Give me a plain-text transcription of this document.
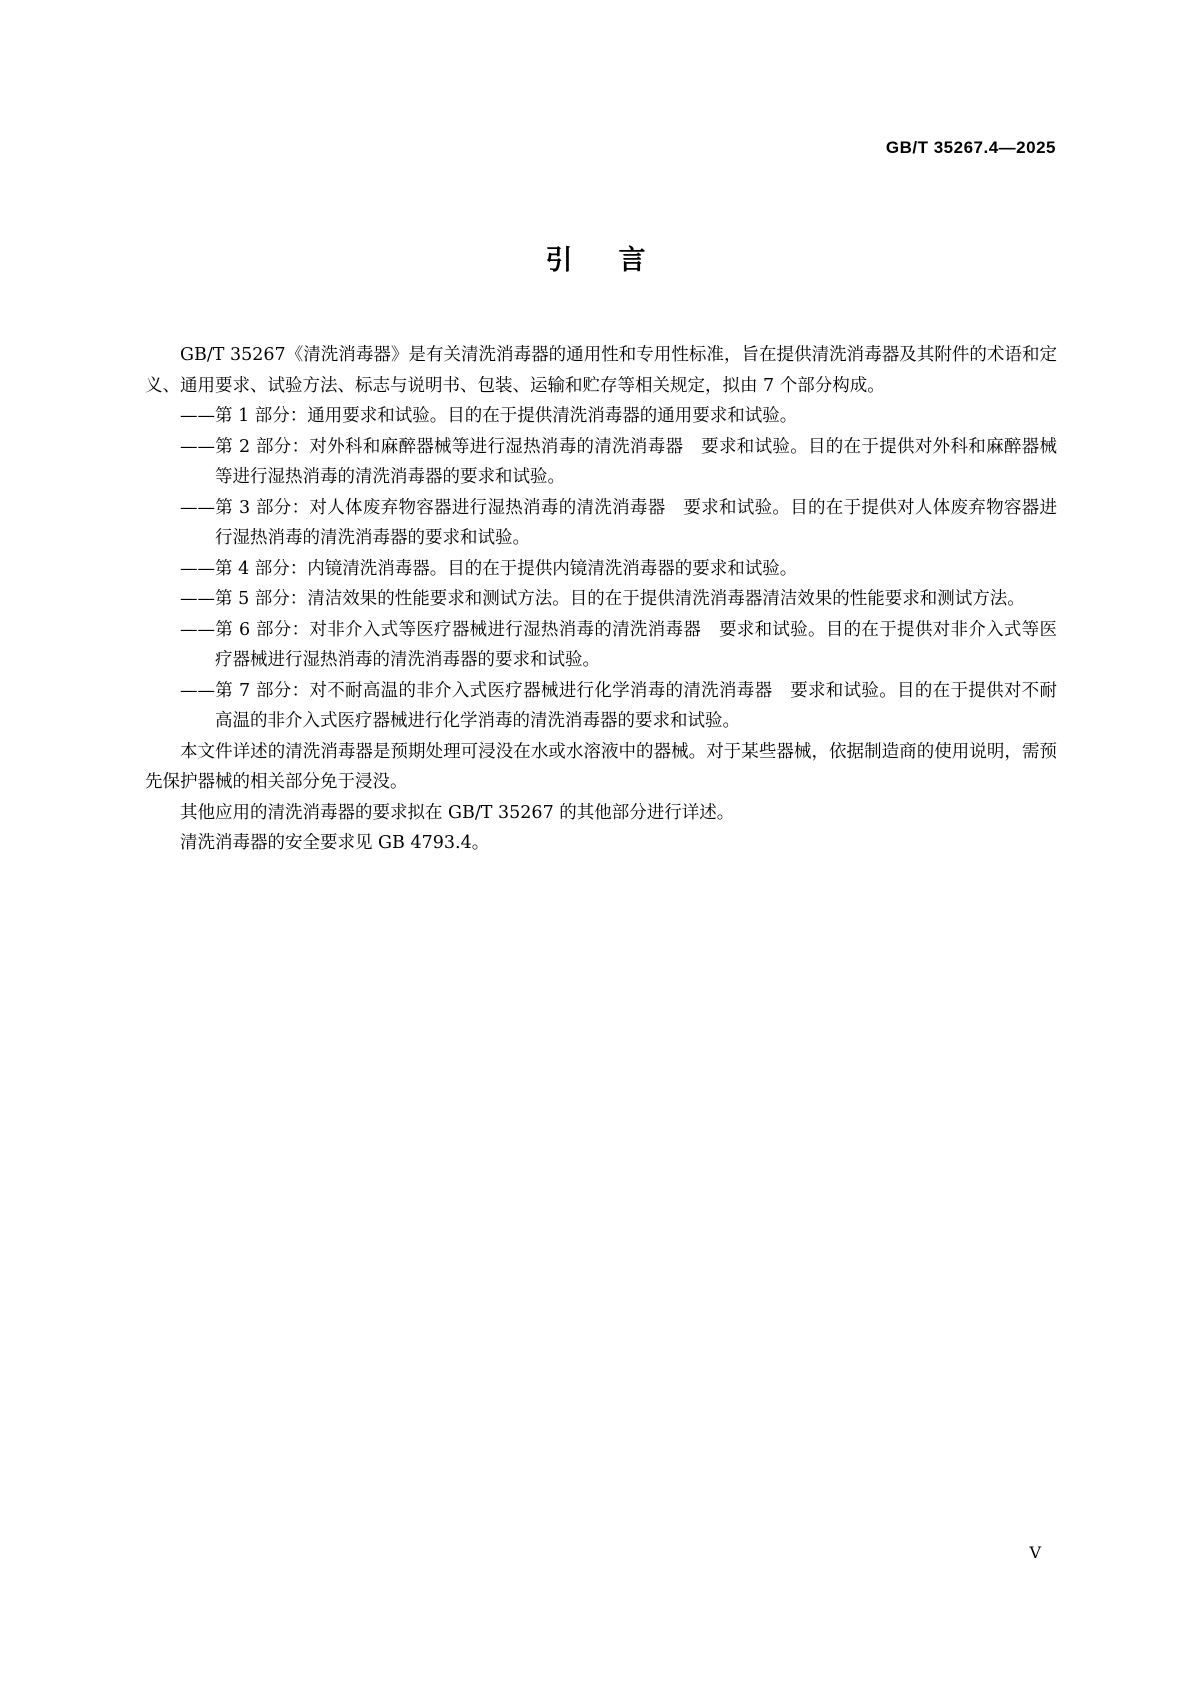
GB/T 35267.4—2025
引言

GB/T 35267《清洗消毒器》是有关清洗消毒器的通用性和专用性标准，旨在提供清洗消毒器及其附件的术语和定义、通用要求、试验方法、标志与说明书、包装、运输和贮存等相关规定，拟由 7 个部分构成。

——第 1 部分：通用要求和试验。目的在于提供清洗消毒器的通用要求和试验。

——第 2 部分：对外科和麻醉器械等进行湿热消毒的清洗消毒器　要求和试验。目的在于提供对外科和麻醉器械等进行湿热消毒的清洗消毒器的要求和试验。

——第 3 部分：对人体废弃物容器进行湿热消毒的清洗消毒器　要求和试验。目的在于提供对人体废弃物容器进行湿热消毒的清洗消毒器的要求和试验。

——第 4 部分：内镜清洗消毒器。目的在于提供内镜清洗消毒器的要求和试验。

——第 5 部分：清洁效果的性能要求和测试方法。目的在于提供清洗消毒器清洁效果的性能要求和测试方法。

——第 6 部分：对非介入式等医疗器械进行湿热消毒的清洗消毒器　要求和试验。目的在于提供对非介入式等医疗器械进行湿热消毒的清洗消毒器的要求和试验。

——第 7 部分：对不耐高温的非介入式医疗器械进行化学消毒的清洗消毒器　要求和试验。目的在于提供对不耐高温的非介入式医疗器械进行化学消毒的清洗消毒器的要求和试验。

本文件详述的清洗消毒器是预期处理可浸没在水或水溶液中的器械。对于某些器械，依据制造商的使用说明，需预先保护器械的相关部分免于浸没。

其他应用的清洗消毒器的要求拟在 GB/T 35267 的其他部分进行详述。

清洗消毒器的安全要求见 GB 4793.4。

V
